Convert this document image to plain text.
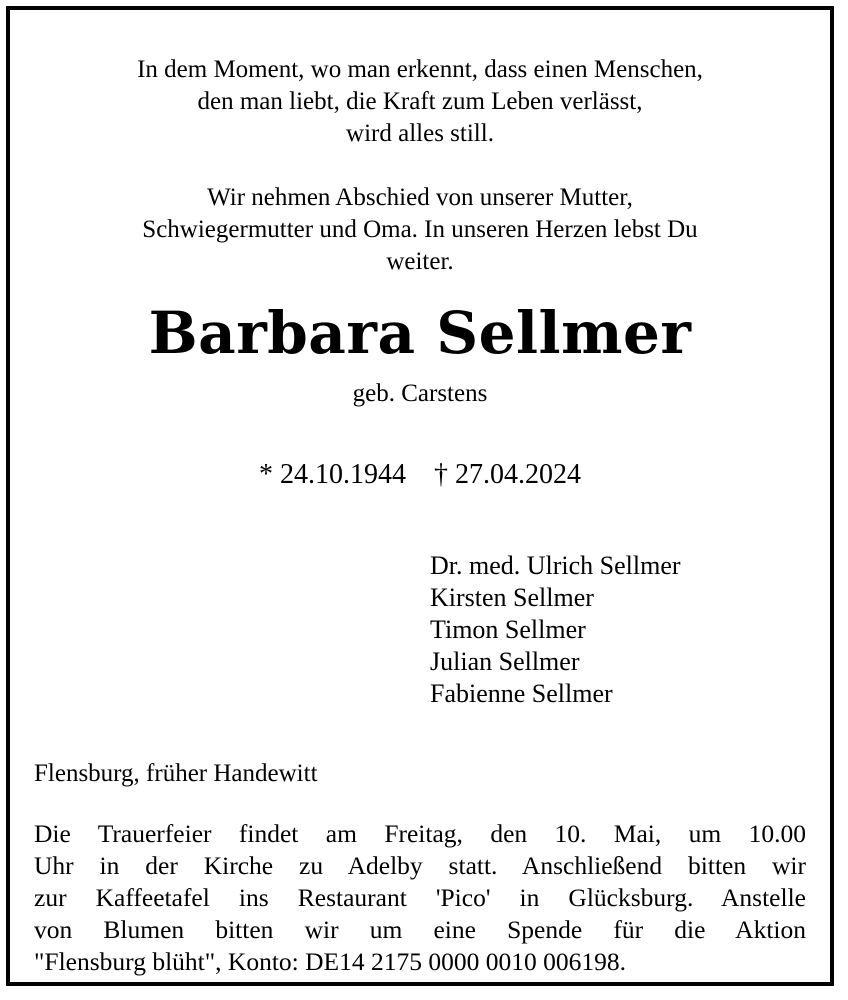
In dem Moment, wo man erkennt, dass einen Menschen,
den man liebt, die Kraft zum Leben verlässt,
wird alles still.
Wir nehmen Abschied von unserer Mutter,
Schwiegermutter und Oma. In unseren Herzen lebst Du
weiter.
Barbara Sellmer
geb. Carstens
* 24.10.1944 † 27.04.2024
Dr. med. Ulrich Sellmer
Kirsten Sellmer
Timon Sellmer
Julian Sellmer
Fabienne Sellmer
Flensburg, früher Handewitt
Die Trauerfeier findet am Freitag, den 10. Mai, um 10.00
Uhr in der Kirche zu Adelby statt. Anschließend bitten wir
zur Kaffeetafel ins Restaurant 'Pico' in Glücksburg. Anstelle
von Blumen bitten wir um eine Spende für die Aktion
"Flensburg blüht", Konto: DE14 2175 0000 0010 006198.
